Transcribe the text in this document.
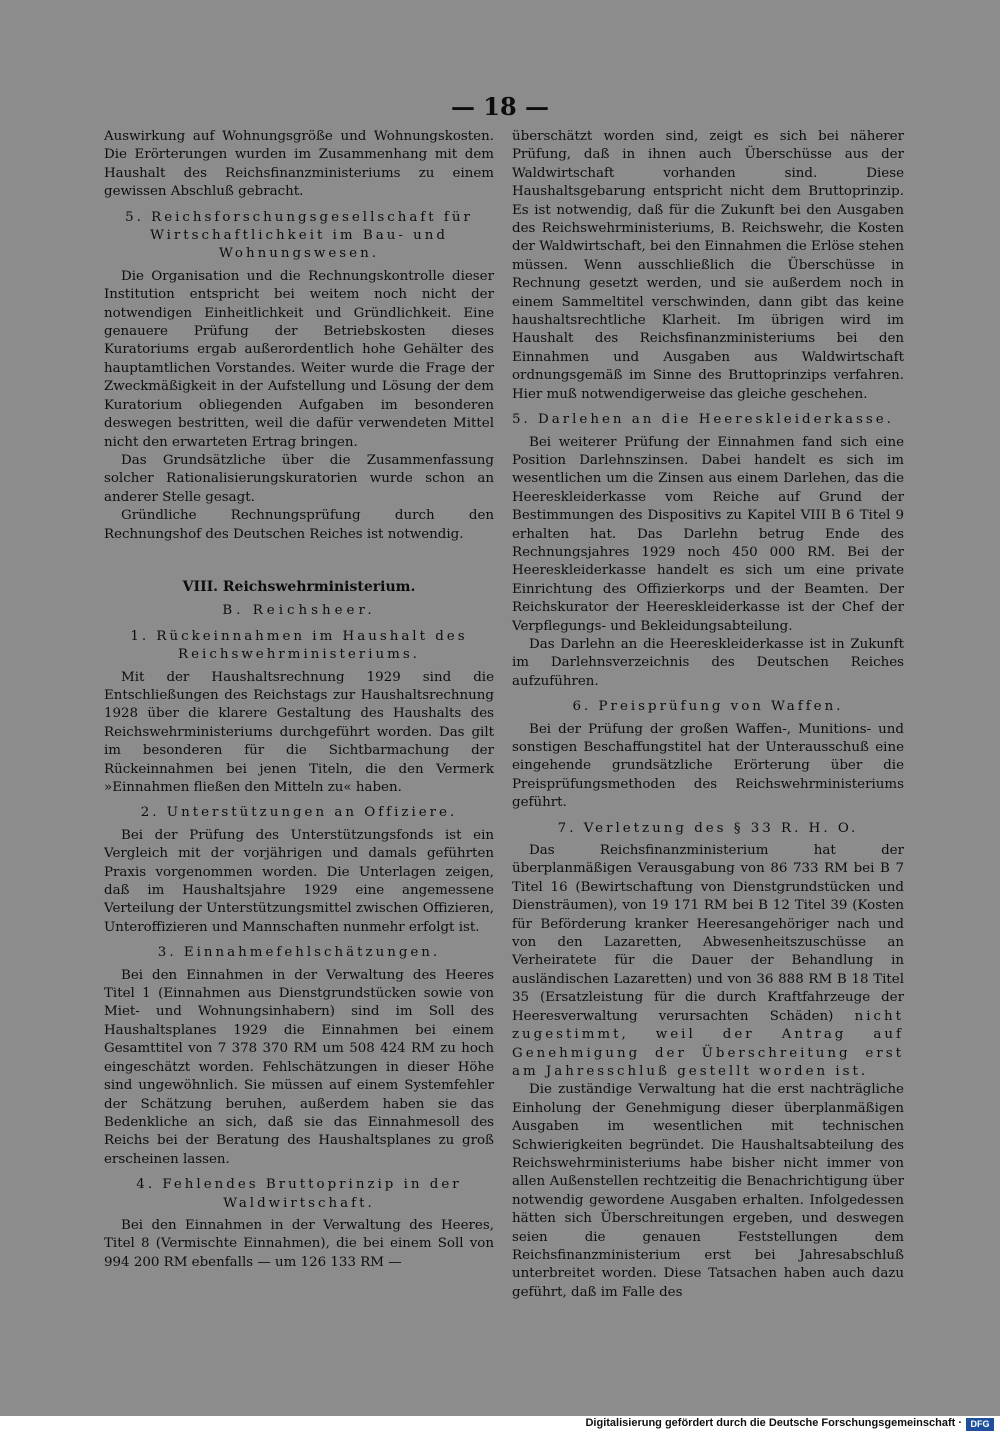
— 18 —

Auswirkung auf Wohnungsgröße und Wohnungskosten. Die Erörterungen wurden im Zusammenhang mit dem Haushalt des Reichsfinanzministeriums zu einem gewissen Abschluß gebracht.

5. Reichsforschungsgesellschaft für Wirtschaftlichkeit im Bau- und Wohnungswesen.

Die Organisation und die Rechnungskontrolle dieser Institution entspricht bei weitem noch nicht der notwendigen Einheitlichkeit und Gründlichkeit. Eine genauere Prüfung der Betriebskosten dieses Kuratoriums ergab außerordentlich hohe Gehälter des hauptamtlichen Vorstandes. Weiter wurde die Frage der Zweckmäßigkeit in der Aufstellung und Lösung der dem Kuratorium obliegenden Aufgaben im besonderen deswegen bestritten, weil die dafür verwendeten Mittel nicht den erwarteten Ertrag bringen.

Das Grundsätzliche über die Zusammenfassung solcher Rationalisierungskuratorien wurde schon an anderer Stelle gesagt.

Gründliche Rechnungsprüfung durch den Rechnungshof des Deutschen Reiches ist notwendig.

VIII. Reichswehrministerium.
B. Reichsheer.
1. Rückeinnahmen im Haushalt des Reichswehrministeriums.

Mit der Haushaltsrechnung 1929 sind die Entschließungen des Reichstags zur Haushaltsrechnung 1928 über die klarere Gestaltung des Haushalts des Reichswehrministeriums durchgeführt worden. Das gilt im besonderen für die Sichtbarmachung der Rückeinnahmen bei jenen Titeln, die den Vermerk »Einnahmen fließen den Mitteln zu« haben.

2. Unterstützungen an Offiziere.

Bei der Prüfung des Unterstützungsfonds ist ein Vergleich mit der vorjährigen und damals geführten Praxis vorgenommen worden. Die Unterlagen zeigen, daß im Haushaltsjahre 1929 eine angemessene Verteilung der Unterstützungsmittel zwischen Offizieren, Unteroffizieren und Mannschaften nunmehr erfolgt ist.

3. Einnahmefehlschätzungen.

Bei den Einnahmen in der Verwaltung des Heeres Titel 1 (Einnahmen aus Dienstgrundstücken sowie von Miet- und Wohnungsinhabern) sind im Soll des Haushaltsplanes 1929 die Einnahmen bei einem Gesamttitel von 7 378 370 RM um 508 424 RM zu hoch eingeschätzt worden. Fehlschätzungen in dieser Höhe sind ungewöhnlich. Sie müssen auf einem Systemfehler der Schätzung beruhen, außerdem haben sie das Bedenkliche an sich, daß sie das Einnahmesoll des Reichs bei der Beratung des Haushaltsplanes zu groß erscheinen lassen.

4. Fehlendes Bruttoprinzip in der Waldwirtschaft.

Bei den Einnahmen in der Verwaltung des Heeres, Titel 8 (Vermischte Einnahmen), die bei einem Soll von 994 200 RM ebenfalls — um 126 133 RM —

überschätzt worden sind, zeigt es sich bei näherer Prüfung, daß in ihnen auch Überschüsse aus der Waldwirtschaft vorhanden sind. Diese Haushaltsgebarung entspricht nicht dem Bruttoprinzip. Es ist notwendig, daß für die Zukunft bei den Ausgaben des Reichswehrministeriums, B. Reichswehr, die Kosten der Waldwirtschaft, bei den Einnahmen die Erlöse stehen müssen. Wenn ausschließlich die Überschüsse in Rechnung gesetzt werden, und sie außerdem noch in einem Sammeltitel verschwinden, dann gibt das keine haushaltsrechtliche Klarheit. Im übrigen wird im Haushalt des Reichsfinanzministeriums bei den Einnahmen und Ausgaben aus Waldwirtschaft ordnungsgemäß im Sinne des Bruttoprinzips verfahren. Hier muß notwendigerweise das gleiche geschehen.

5. Darlehen an die Heereskleiderkasse.

Bei weiterer Prüfung der Einnahmen fand sich eine Position Darlehnszinsen. Dabei handelt es sich im wesentlichen um die Zinsen aus einem Darlehen, das die Heereskleiderkasse vom Reiche auf Grund der Bestimmungen des Dispositivs zu Kapitel VIII B 6 Titel 9 erhalten hat. Das Darlehn betrug Ende des Rechnungsjahres 1929 noch 450 000 RM. Bei der Heereskleiderkasse handelt es sich um eine private Einrichtung des Offizierkorps und der Beamten. Der Reichskurator der Heereskleiderkasse ist der Chef der Verpflegungs- und Bekleidungsabteilung.

Das Darlehn an die Heereskleiderkasse ist in Zukunft im Darlehnsverzeichnis des Deutschen Reiches aufzuführen.

6. Preisprüfung von Waffen.

Bei der Prüfung der großen Waffen-, Munitions- und sonstigen Beschaffungstitel hat der Unterausschuß eine eingehende grundsätzliche Erörterung über die Preisprüfungsmethoden des Reichswehrministeriums geführt.

7. Verletzung des § 33 R. H. O.

Das Reichsfinanzministerium hat der überplanmäßigen Verausgabung von 86 733 RM bei B 7 Titel 16 (Bewirtschaftung von Dienstgrundstücken und Diensträumen), von 19 171 RM bei B 12 Titel 39 (Kosten für Beförderung kranker Heeresangehöriger nach und von den Lazaretten, Abwesenheitszuschüsse an Verheiratete für die Dauer der Behandlung in ausländischen Lazaretten) und von 36 888 RM B 18 Titel 35 (Ersatzleistung für die durch Kraftfahrzeuge der Heeresverwaltung verursachten Schäden) nicht zugestimmt, weil der Antrag auf Genehmigung der Überschreitung erst am Jahresschluß gestellt worden ist.

Die zuständige Verwaltung hat die erst nachträgliche Einholung der Genehmigung dieser überplanmäßigen Ausgaben im wesentlichen mit technischen Schwierigkeiten begründet. Die Haushaltsabteilung des Reichswehrministeriums habe bisher nicht immer von allen Außenstellen rechtzeitig die Benachrichtigung über notwendig gewordene Ausgaben erhalten. Infolgedessen hätten sich Überschreitungen ergeben, und deswegen seien die genauen Feststellungen dem Reichsfinanzministerium erst bei Jahresabschluß unterbreitet worden. Diese Tatsachen haben auch dazu geführt, daß im Falle des

Digitalisierung gefördert durch die Deutsche Forschungsgemeinschaft · DFG
